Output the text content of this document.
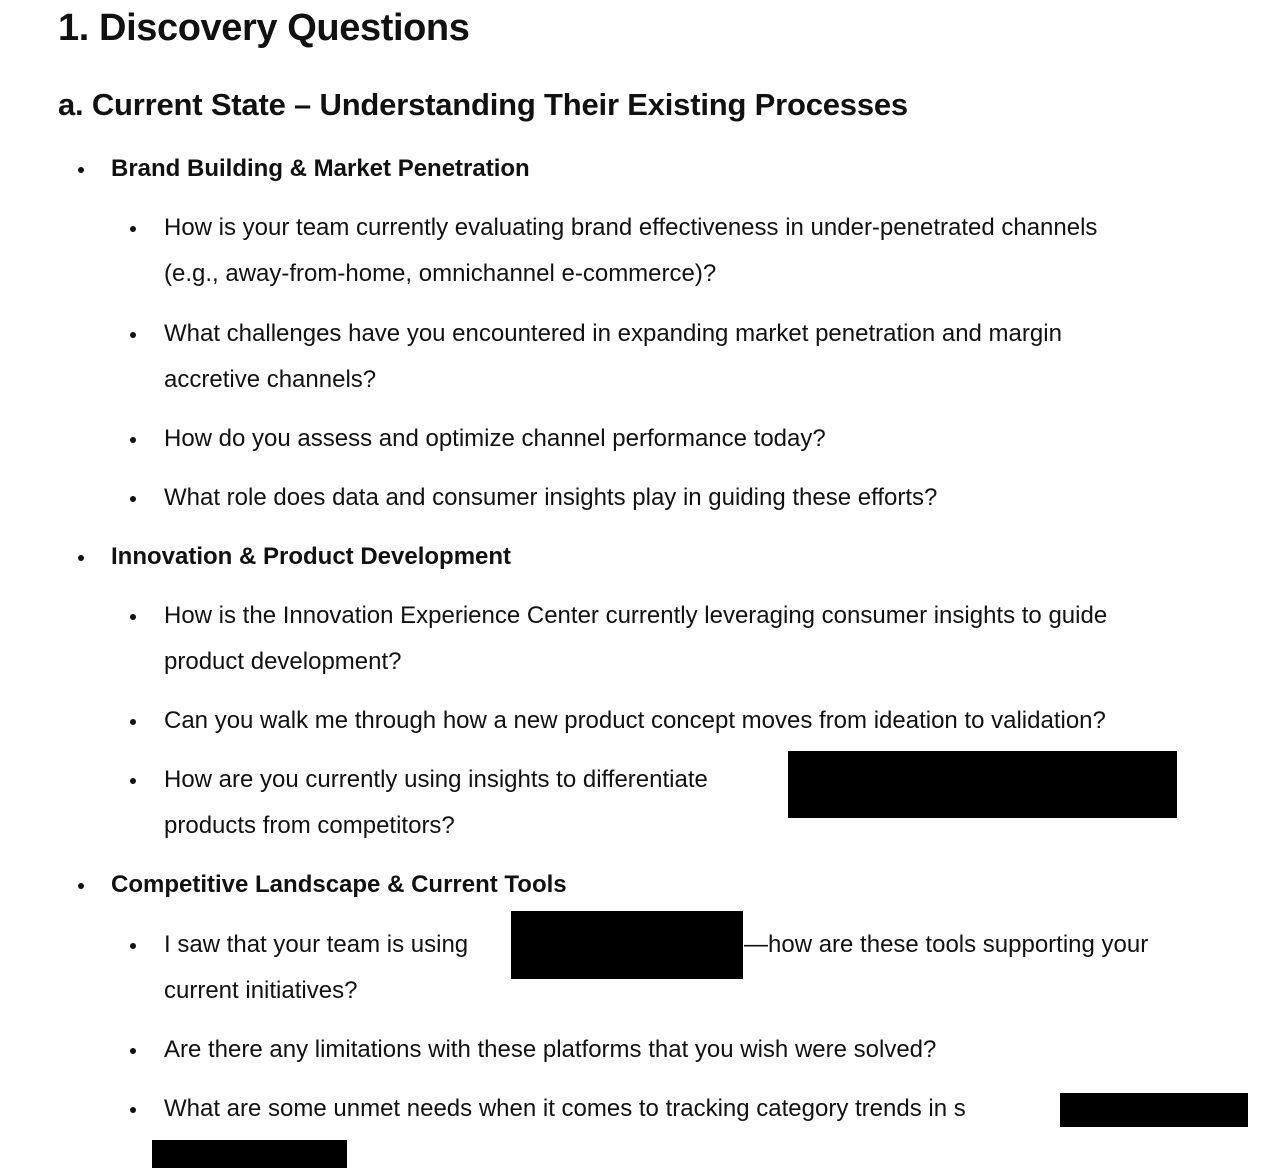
1. Discovery Questions
a. Current State – Understanding Their Existing Processes
Brand Building & Market Penetration
How is your team currently evaluating brand effectiveness in under-penetrated channels
(e.g., away-from-home, omnichannel e-commerce)?
What challenges have you encountered in expanding market penetration and margin
accretive channels?
How do you assess and optimize channel performance today?
What role does data and consumer insights play in guiding these efforts?
Innovation & Product Development
How is the Innovation Experience Center currently leveraging consumer insights to guide
product development?
Can you walk me through how a new product concept moves from ideation to validation?
How are you currently using insights to differentiate
products from competitors?
Competitive Landscape & Current Tools
I saw that your team is using	—how are these tools supporting your
current initiatives?
Are there any limitations with these platforms that you wish were solved?
What are some unmet needs when it comes to tracking category trends in s
